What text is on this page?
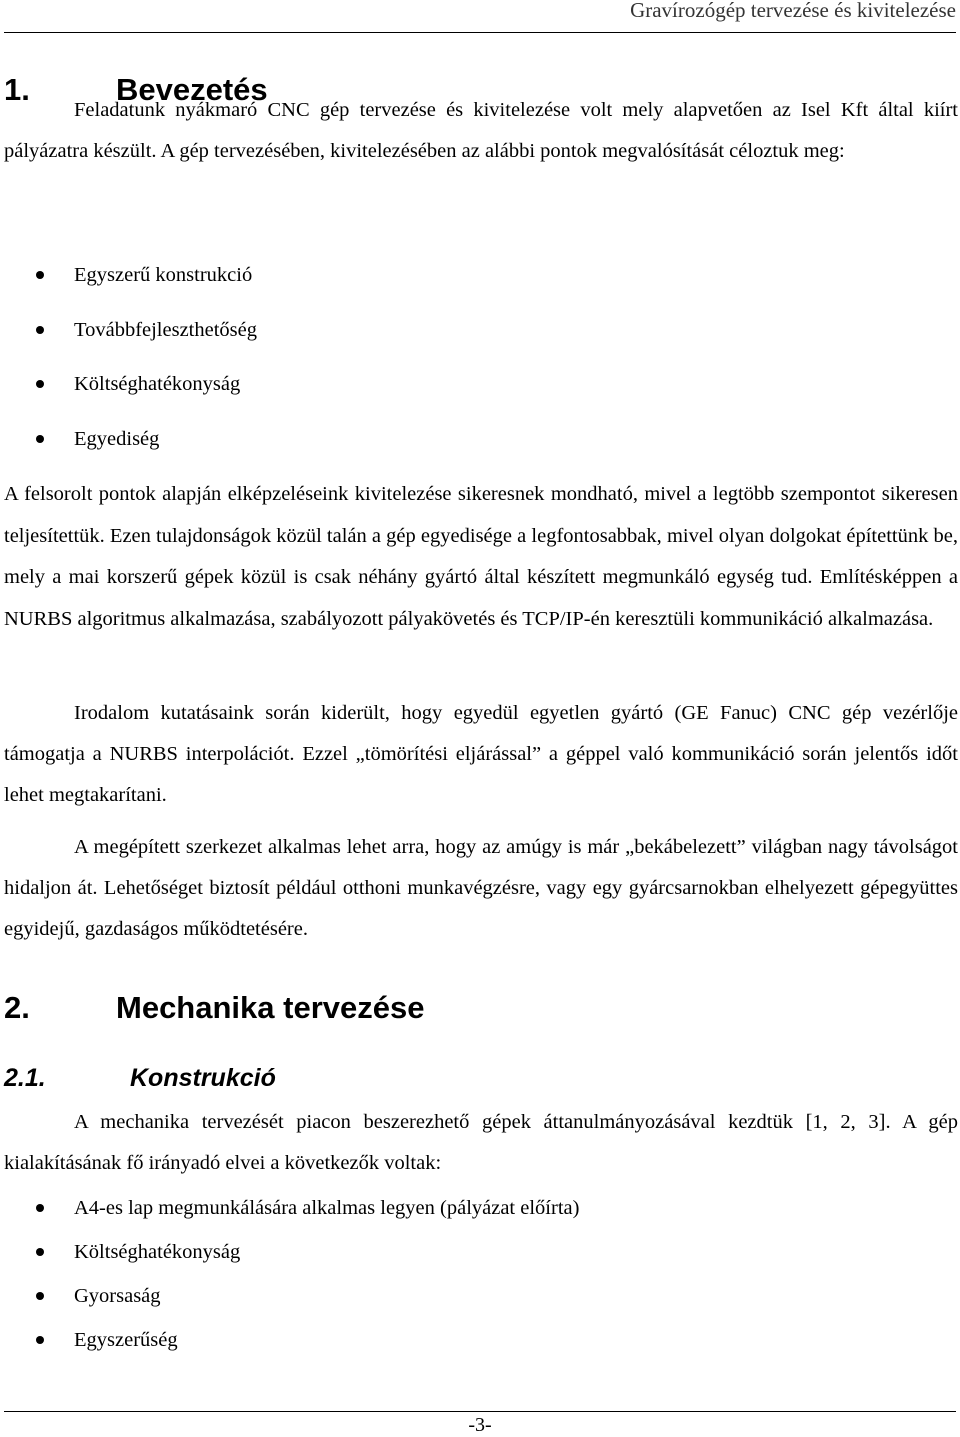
Gravírozógép tervezése és kivitelezése
1.	Bevezetés

Feladatunk nyákmaró CNC gép tervezése és kivitelezése volt mely alapvetően az Isel Kft által kiírt pályázatra készült. A gép tervezésében, kivitelezésében az alábbi pontok megvalósítását céloztuk meg:

Egyszerű konstrukció
Továbbfejleszthetőség
Költséghatékonyság
Egyediség

A felsorolt pontok alapján elképzeléseink kivitelezése sikeresnek mondható, mivel a legtöbb szempontot sikeresen teljesítettük. Ezen tulajdonságok közül talán a gép egyedisége a legfontosabbak, mivel olyan dolgokat építettünk be, mely a mai korszerű gépek közül is csak néhány gyártó által készített megmunkáló egység tud. Említésképpen a NURBS algoritmus alkalmazása, szabályozott pályakövetés és TCP/IP-én keresztüli kommunikáció alkalmazása.

Irodalom kutatásaink során kiderült, hogy egyedül egyetlen gyártó (GE Fanuc) CNC gép vezérlője támogatja a NURBS interpolációt. Ezzel „tömörítési eljárással” a géppel való kommunikáció során jelentős időt lehet megtakarítani.

A megépített szerkezet alkalmas lehet arra, hogy az amúgy is már „bekábelezett” világban nagy távolságot hidaljon át. Lehetőséget biztosít például otthoni munkavégzésre, vagy egy gyárcsarnokban elhelyezett gépegyüttes egyidejű, gazdaságos működtetésére.

2.	Mechanika tervezése
2.1.	Konstrukció

A mechanika tervezését piacon beszerezhető gépek áttanulmányozásával kezdtük [1, 2, 3]. A gép kialakításának fő irányadó elvei a következők voltak:

A4-es lap megmunkálására alkalmas legyen (pályázat előírta)
Költséghatékonyság
Gyorsaság
Egyszerűség
-3-
